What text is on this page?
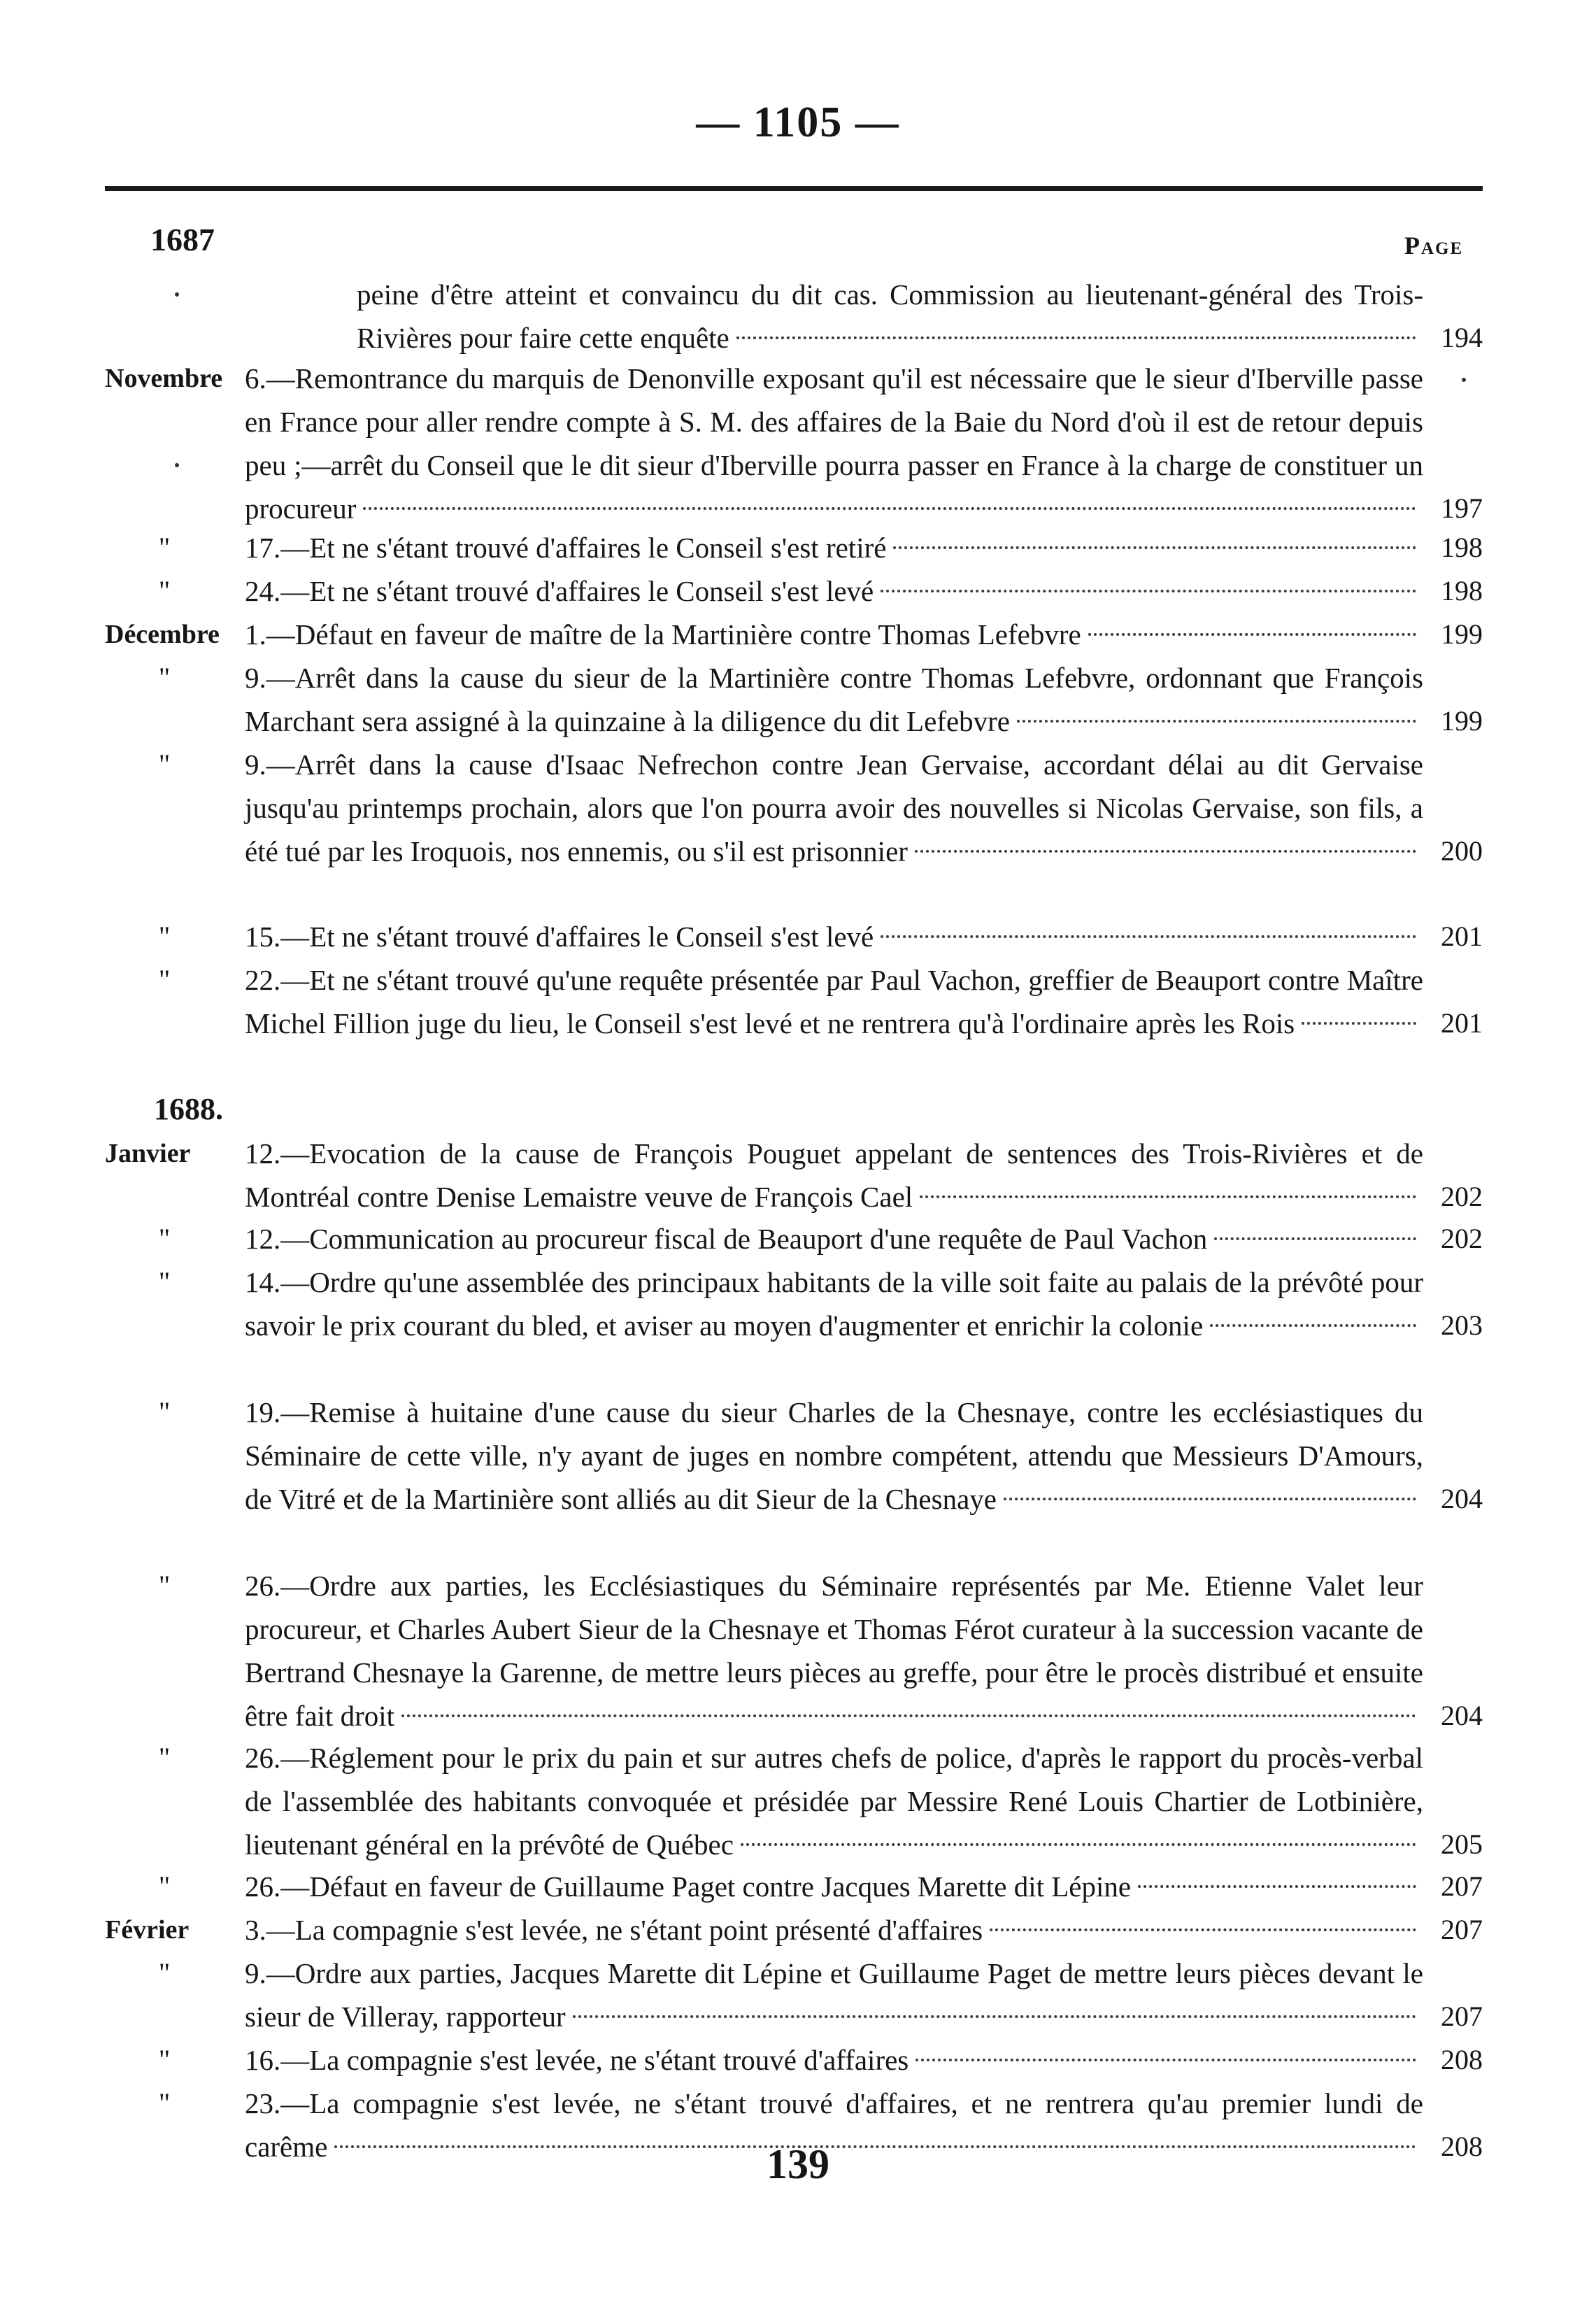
— 1105 —
1687	Page
1688.
peine d'être atteint et convaincu du dit cas. Commission au lieutenant-général des Trois-Rivières pour faire cette enquête	194
Novembre 6.—Remontrance du marquis de Denonville exposant qu'il est nécessaire que le sieur d'Iberville passe en France pour aller rendre compte à S. M. des affaires de la Baie du Nord d'où il est de retour depuis peu ;—arrêt du Conseil que le dit sieur d'Iberville pourra passer en France à la charge de constituer un procureur	197
"	17.—Et ne s'étant trouvé d'affaires le Conseil s'est retiré	198
"	24.—Et ne s'étant trouvé d'affaires le Conseil s'est levé	198
Décembre 1.—Défaut en faveur de maître de la Martinière contre Thomas Lefebvre	199
"	9.—Arrêt dans la cause du sieur de la Martinière contre Thomas Lefebvre, ordonnant que François Marchant sera assigné à la quinzaine à la diligence du dit Lefebvre	199
"	9.—Arrêt dans la cause d'Isaac Nefrechon contre Jean Gervaise, accordant délai au dit Gervaise jusqu'au printemps prochain, alors que l'on pourra avoir des nouvelles si Nicolas Gervaise, son fils, a été tué par les Iroquois, nos ennemis, ou s'il est prisonnier	200
"	15.—Et ne s'étant trouvé d'affaires le Conseil s'est levé	201
"	22.—Et ne s'étant trouvé qu'une requête présentée par Paul Vachon, greffier de Beauport contre Maître Michel Fillion juge du lieu, le Conseil s'est levé et ne rentrera qu'à l'ordinaire après les Rois	201
Janvier	12.—Evocation de la cause de François Pouguet appelant de sentences des Trois-Rivières et de Montréal contre Denise Lemaistre veuve de François Cael	202
"	12.—Communication au procureur fiscal de Beauport d'une requête de Paul Vachon	202
"	14.—Ordre qu'une assemblée des principaux habitants de la ville soit faite au palais de la prévôté pour savoir le prix courant du bled, et aviser au moyen d'augmenter et enrichir la colonie	203
"	19.—Remise à huitaine d'une cause du sieur Charles de la Chesnaye, contre les ecclésiastiques du Séminaire de cette ville, n'y ayant de juges en nombre compétent, attendu que Messieurs D'Amours, de Vitré et de la Martinière sont alliés au dit Sieur de la Chesnaye	204
"	26.—Ordre aux parties, les Ecclésiastiques du Séminaire représentés par Me. Etienne Valet leur procureur, et Charles Aubert Sieur de la Chesnaye et Thomas Férot curateur à la succession vacante de Bertrand Chesnaye la Garenne, de mettre leurs pièces au greffe, pour être le procès distribué et ensuite être fait droit	204
"	26.—Réglement pour le prix du pain et sur autres chefs de police, d'après le rapport du procès-verbal de l'assemblée des habitants convoquée et présidée par Messire René Louis Chartier de Lotbinière, lieutenant général en la prévôté de Québec	205
"	26.—Défaut en faveur de Guillaume Paget contre Jacques Marette dit Lépine	207
Février	3.—La compagnie s'est levée, ne s'étant point présenté d'affaires	207
"	9.—Ordre aux parties, Jacques Marette dit Lépine et Guillaume Paget de mettre leurs pièces devant le sieur de Villeray, rapporteur	207
"	16.—La compagnie s'est levée, ne s'étant trouvé d'affaires	208
"	23.—La compagnie s'est levée, ne s'étant trouvé d'affaires, et ne rentrera qu'au premier lundi de carême	208
139
